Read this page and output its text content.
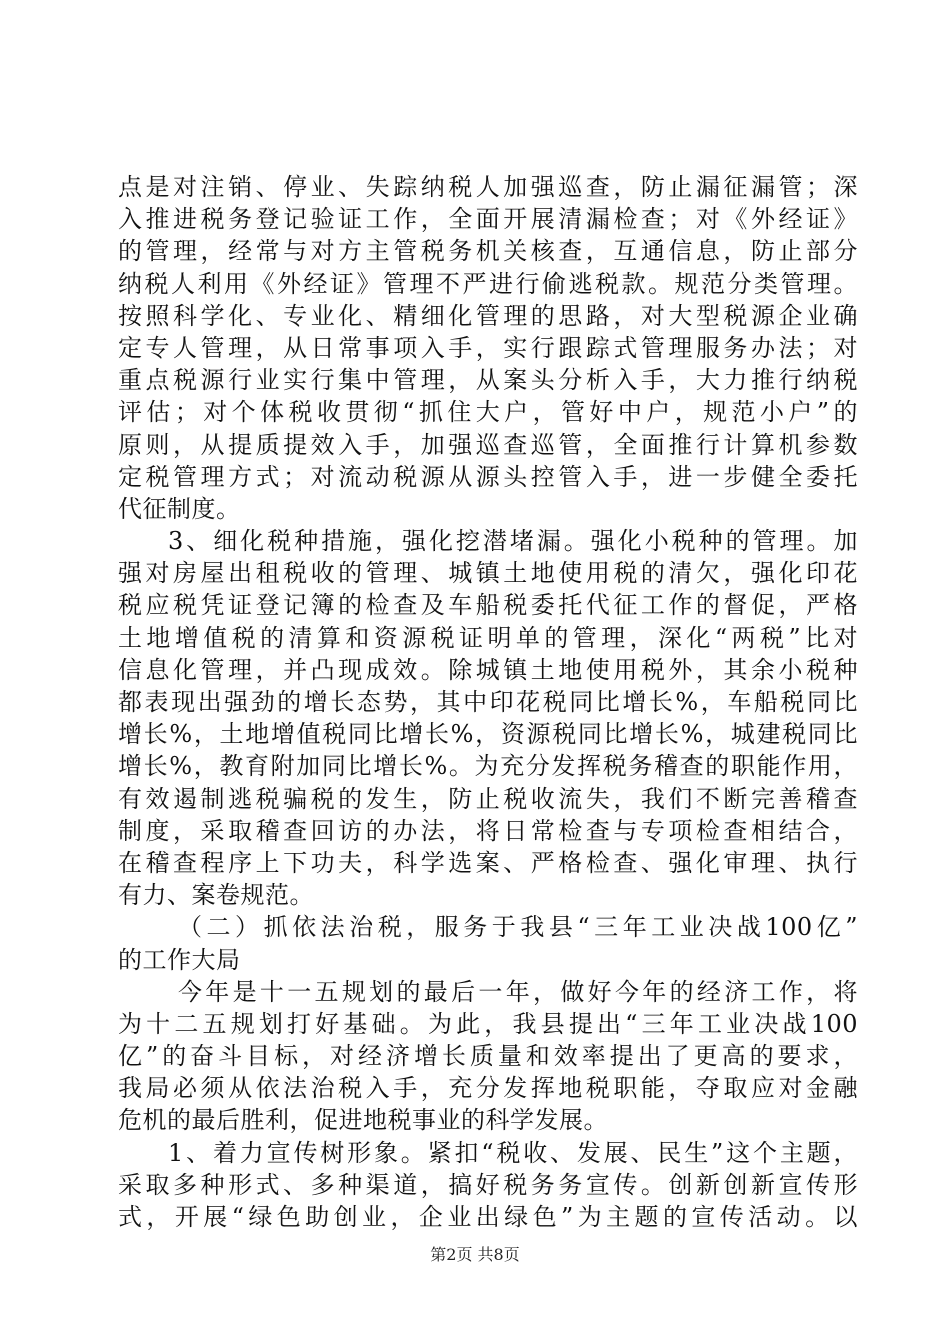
点是对注销、停业、失踪纳税人加强巡查，防止漏征漏管；深
入推进税务登记验证工作，全面开展清漏检查；对《外经证》
的管理，经常与对方主管税务机关核查，互通信息，防止部分
纳税人利用《外经证》管理不严进行偷逃税款。规范分类管理。
按照科学化、专业化、精细化管理的思路，对大型税源企业确
定专人管理，从日常事项入手，实行跟踪式管理服务办法；对
重点税源行业实行集中管理，从案头分析入手，大力推行纳税
评估；对个体税收贯彻“抓住大户，管好中户，规范小户”的
原则，从提质提效入手，加强巡查巡管，全面推行计算机参数
定税管理方式；对流动税源从源头控管入手，进一步健全委托
代征制度。
3、细化税种措施，强化挖潜堵漏。强化小税种的管理。加
强对房屋出租税收的管理、城镇土地使用税的清欠，强化印花
税应税凭证登记簿的检查及车船税委托代征工作的督促，严格
土地增值税的清算和资源税证明单的管理，深化“两税”比对
信息化管理，并凸现成效。除城镇土地使用税外，其余小税种
都表现出强劲的增长态势，其中印花税同比增长%，车船税同比
增长%，土地增值税同比增长%，资源税同比增长%，城建税同比
增长%，教育附加同比增长%。为充分发挥税务稽查的职能作用，
有效遏制逃税骗税的发生，防止税收流失，我们不断完善稽查
制度，采取稽查回访的办法，将日常检查与专项检查相结合，
在稽查程序上下功夫，科学选案、严格检查、强化审理、执行
有力、案卷规范。
（二）抓依法治税，服务于我县“三年工业决战100亿”
的工作大局
今年是十一五规划的最后一年，做好今年的经济工作，将
为十二五规划打好基础。为此，我县提出“三年工业决战100
亿”的奋斗目标，对经济增长质量和效率提出了更高的要求，
我局必须从依法治税入手，充分发挥地税职能，夺取应对金融
危机的最后胜利，促进地税事业的科学发展。
1、着力宣传树形象。紧扣“税收、发展、民生”这个主题，
采取多种形式、多种渠道，搞好税务务宣传。创新创新宣传形
式，开展“绿色助创业，企业出绿色”为主题的宣传活动。以
第2页 共8页
